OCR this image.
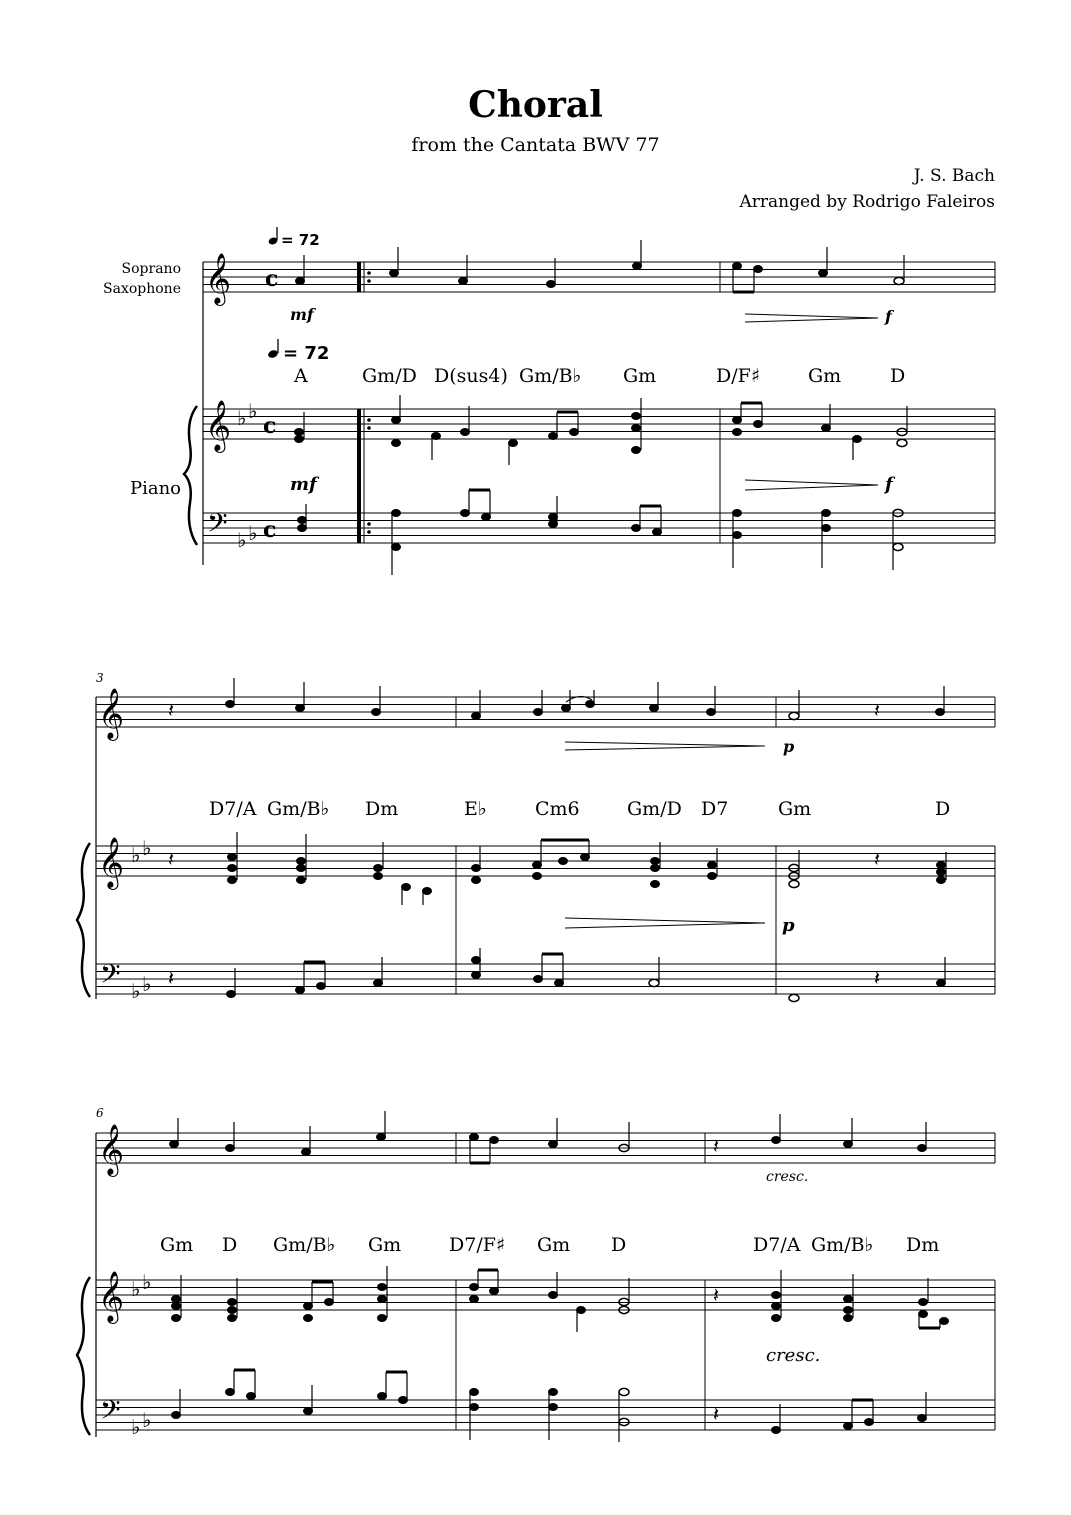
Choral
from the Cantata BWV 77
J. S. Bach
Arranged by Rodrigo Faleiros
Soprano
Saxophone
Piano
= 72
= 72
𝄞 c
𝄞
𝄢
♭ ♭
♭ ♭
c
c
A	Gm/D D(sus4) Gm/B♭ Gm	D/F♯	Gm	D
mf	f
mf	f
3
𝄞
𝄞
𝄢
♭ ♭
♭ ♭
D7/A Gm/B♭ Dm	E♭	Cm6 Gm/D D7	Gm	D
p
p
𝄽	𝄽
𝄽	𝄽
𝄽	𝄽
6
𝄞
𝄞
𝄢
♭ ♭
♭ ♭
Gm D Gm/B♭ Gm	D7/F♯ Gm D	D7/A Gm/B♭ Dm
cresc.
cresc.
𝄽
𝄽
𝄽
